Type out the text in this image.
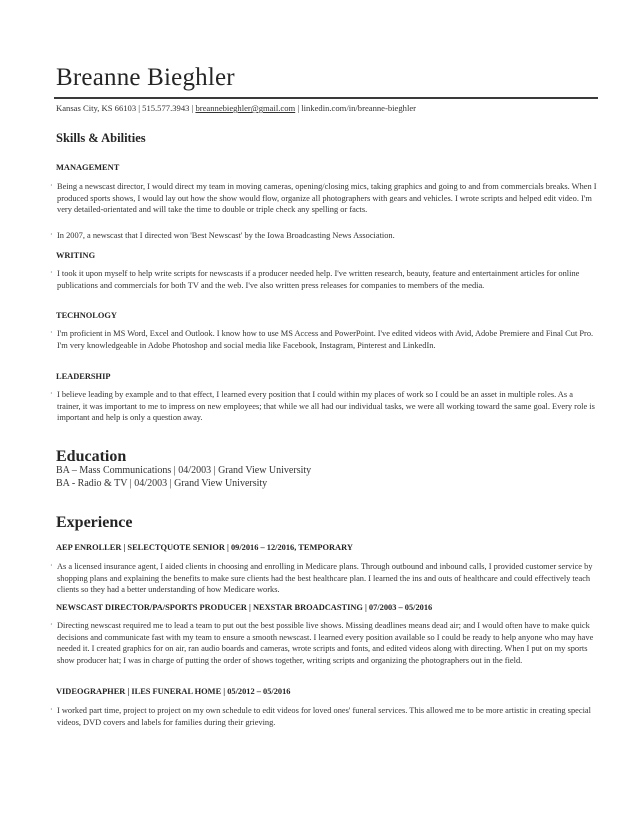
Breanne Bieghler
Kansas City, KS 66103 | 515.577.3943 | breannebieghler@gmail.com | linkedin.com/in/breanne-bieghler
Skills & Abilities
MANAGEMENT
· Being a newscast director, I would direct my team in moving cameras, opening/closing mics, taking graphics and going to and from commercials breaks. When I produced sports shows, I would lay out how the show would flow, organize all photographers with gears and vehicles. I wrote scripts and helped edit video. I'm very detailed-orientated and will take the time to double or triple check any spelling or facts.
· In 2007, a newscast that I directed won 'Best Newscast' by the Iowa Broadcasting News Association.
WRITING
· I took it upon myself to help write scripts for newscasts if a producer needed help. I've written research, beauty, feature and entertainment articles for online publications and commercials for both TV and the web. I've also written press releases for companies to members of the media.
TECHNOLOGY
· I'm proficient in MS Word, Excel and Outlook. I know how to use MS Access and PowerPoint. I've edited videos with Avid, Adobe Premiere and Final Cut Pro. I'm very knowledgeable in Adobe Photoshop and social media like Facebook, Instagram, Pinterest and LinkedIn.
LEADERSHIP
· I believe leading by example and to that effect, I learned every position that I could within my places of work so I could be an asset in multiple roles. As a trainer, it was important to me to impress on new employees; that while we all had our individual tasks, we were all working toward the same goal. Every role is important and help is only a question away.
Education
BA – Mass Communications | 04/2003 | Grand View University
BA - Radio & TV | 04/2003 | Grand View University
Experience
AEP ENROLLER | SELECTQUOTE SENIOR | 09/2016 – 12/2016, TEMPORARY
· As a licensed insurance agent, I aided clients in choosing and enrolling in Medicare plans. Through outbound and inbound calls, I provided customer service by shopping plans and explaining the benefits to make sure clients had the best healthcare plan. I learned the ins and outs of healthcare and could effectively teach clients so they had a better understanding of how Medicare works.
NEWSCAST DIRECTOR/PA/SPORTS PRODUCER | NEXSTAR BROADCASTING | 07/2003 – 05/2016
· Directing newscast required me to lead a team to put out the best possible live shows. Missing deadlines means dead air; and I would often have to make quick decisions and communicate fast with my team to ensure a smooth newscast. I learned every position available so I could be ready to help anyone who may have needed it. I created graphics for on air, ran audio boards and cameras, wrote scripts and fonts, and edited videos along with directing. When I put on my sports show producer hat; I was in charge of putting the order of shows together, writing scripts and organizing the photographers out in the field.
VIDEOGRAPHER | ILES FUNERAL HOME | 05/2012 – 05/2016
· I worked part time, project to project on my own schedule to edit videos for loved ones' funeral services. This allowed me to be more artistic in creating special videos, DVD covers and labels for families during their grieving.
